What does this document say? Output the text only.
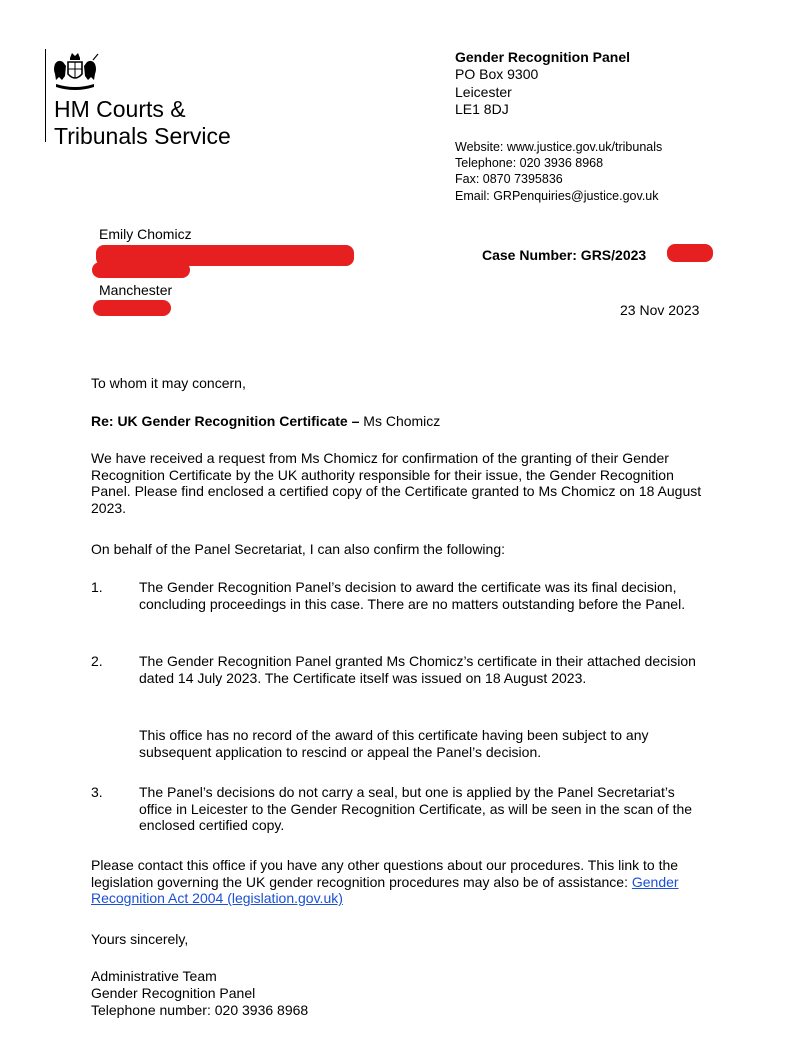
HM Courts &
Tribunals Service
Gender Recognition Panel
PO Box 9300
Leicester
LE1 8DJ
Website: www.justice.gov.uk/tribunals
Telephone: 020 3936 8968
Fax: 0870 7395836
Email: GRPenquiries@justice.gov.uk
Emily Chomicz
Manchester
Case Number: GRS/2023
23 Nov 2023
To whom it may concern,
Re: UK Gender Recognition Certificate – Ms Chomicz
We have received a request from Ms Chomicz for confirmation of the granting of their Gender Recognition Certificate by the UK authority responsible for their issue, the Gender Recognition Panel. Please find enclosed a certified copy of the Certificate granted to Ms Chomicz on 18 August 2023.
On behalf of the Panel Secretariat, I can also confirm the following:
1.	The Gender Recognition Panel’s decision to award the certificate was its final decision, concluding proceedings in this case. There are no matters outstanding before the Panel.
2.	The Gender Recognition Panel granted Ms Chomicz’s certificate in their attached decision dated 14 July 2023. The Certificate itself was issued on 18 August 2023.
This office has no record of the award of this certificate having been subject to any subsequent application to rescind or appeal the Panel’s decision.
3.	The Panel’s decisions do not carry a seal, but one is applied by the Panel Secretariat’s office in Leicester to the Gender Recognition Certificate, as will be seen in the scan of the enclosed certified copy.
Please contact this office if you have any other questions about our procedures. This link to the legislation governing the UK gender recognition procedures may also be of assistance: Gender Recognition Act 2004 (legislation.gov.uk)
Yours sincerely,
Administrative Team
Gender Recognition Panel
Telephone number: 020 3936 8968
